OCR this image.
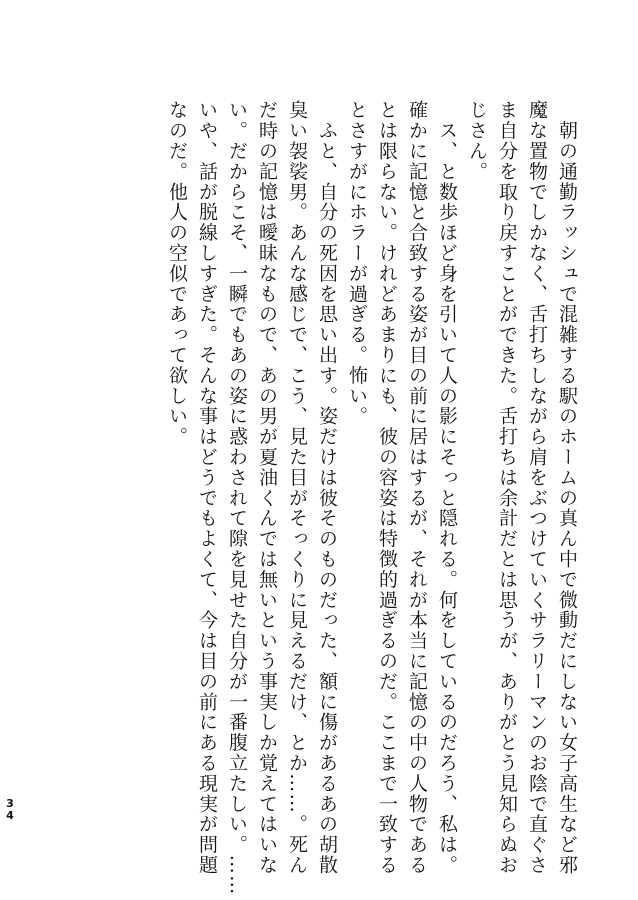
　朝の通勤ラッシュで混雑する駅のホームの真ん中で微動だにしない女子高生など邪
魔な置物でしかなく、舌打ちしながら肩をぶつけていくサラリーマンのお陰で直ぐさ
ま自分を取り戻すことができた。舌打ちは余計だとは思うが、ありがとう見知らぬお
じさん。
　ス、と数歩ほど身を引いて人の影にそっと隠れる。何をしているのだろう、私は。
確かに記憶と合致する姿が目の前に居はするが、それが本当に記憶の中の人物である
とは限らない。けれどあまりにも、彼の容姿は特徴的過ぎるのだ。ここまで一致する
とさすがにホラーが過ぎる。怖い。
　ふと、自分の死因を思い出す。姿だけは彼そのものだった、額に傷があるあの胡散
臭い袈裟男。あんな感じで、こう、見た目がそっくりに見えるだけ、とか……。死ん
だ時の記憶は曖昧なもので、あの男が夏油くんでは無いという事実しか覚えてはいな
い。だからこそ、一瞬でもあの姿に惑わされて隙を見せた自分が一番腹立たしい。……
いや、話が脱線しすぎた。そんな事はどうでもよくて、今は目の前にある現実が問題
なのだ。他人の空似であって欲しい。
34
